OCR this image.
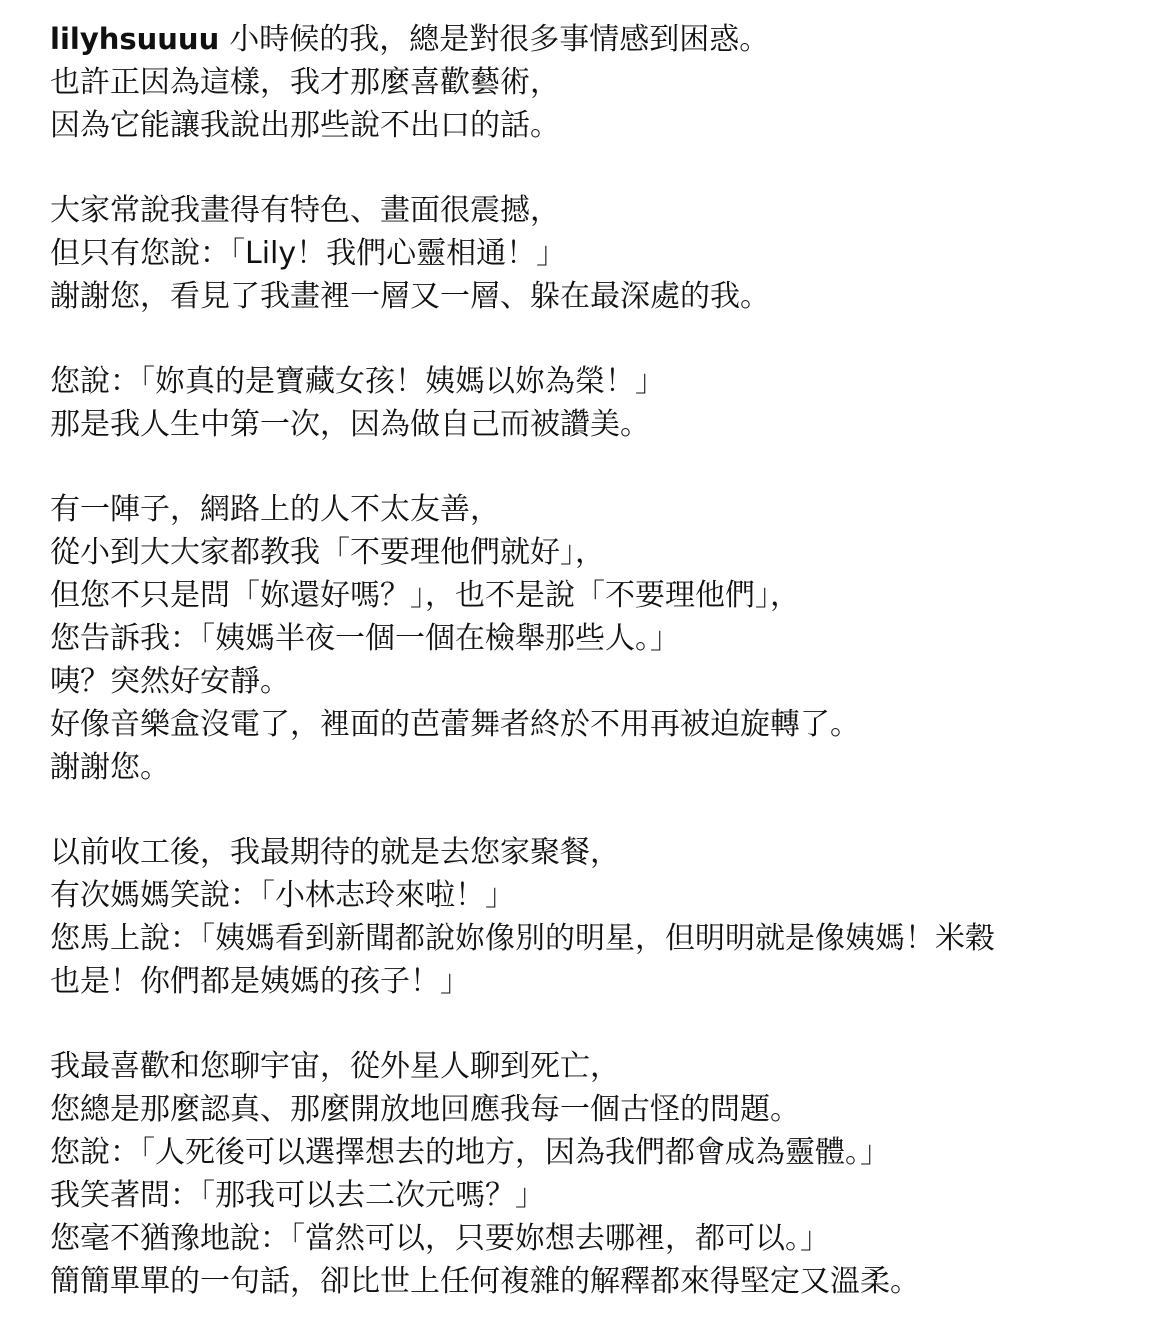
lilyhsuuuu 小時候的我，總是對很多事情感到困惑。
也許正因為這樣，我才那麼喜歡藝術，
因為它能讓我說出那些說不出口的話。
大家常說我畫得有特色、畫面很震撼，
但只有您說：「Lily！我們心靈相通！」
謝謝您，看見了我畫裡一層又一層、躲在最深處的我。
您說：「妳真的是寶藏女孩！姨媽以妳為榮！」
那是我人生中第一次，因為做自己而被讚美。
有一陣子，網路上的人不太友善，
從小到大大家都教我「不要理他們就好」，
但您不只是問「妳還好嗎？」，也不是說「不要理他們」，
您告訴我：「姨媽半夜一個一個在檢舉那些人。」
咦？突然好安靜。
好像音樂盒沒電了，裡面的芭蕾舞者終於不用再被迫旋轉了。
謝謝您。
以前收工後，我最期待的就是去您家聚餐，
有次媽媽笑說：「小林志玲來啦！」
您馬上說：「姨媽看到新聞都說妳像別的明星，但明明就是像姨媽！米穀
也是！你們都是姨媽的孩子！」
我最喜歡和您聊宇宙，從外星人聊到死亡，
您總是那麼認真、那麼開放地回應我每一個古怪的問題。
您說：「人死後可以選擇想去的地方，因為我們都會成為靈體。」
我笑著問：「那我可以去二次元嗎？」
您毫不猶豫地說：「當然可以，只要妳想去哪裡，都可以。」
簡簡單單的一句話，卻比世上任何複雜的解釋都來得堅定又溫柔。
